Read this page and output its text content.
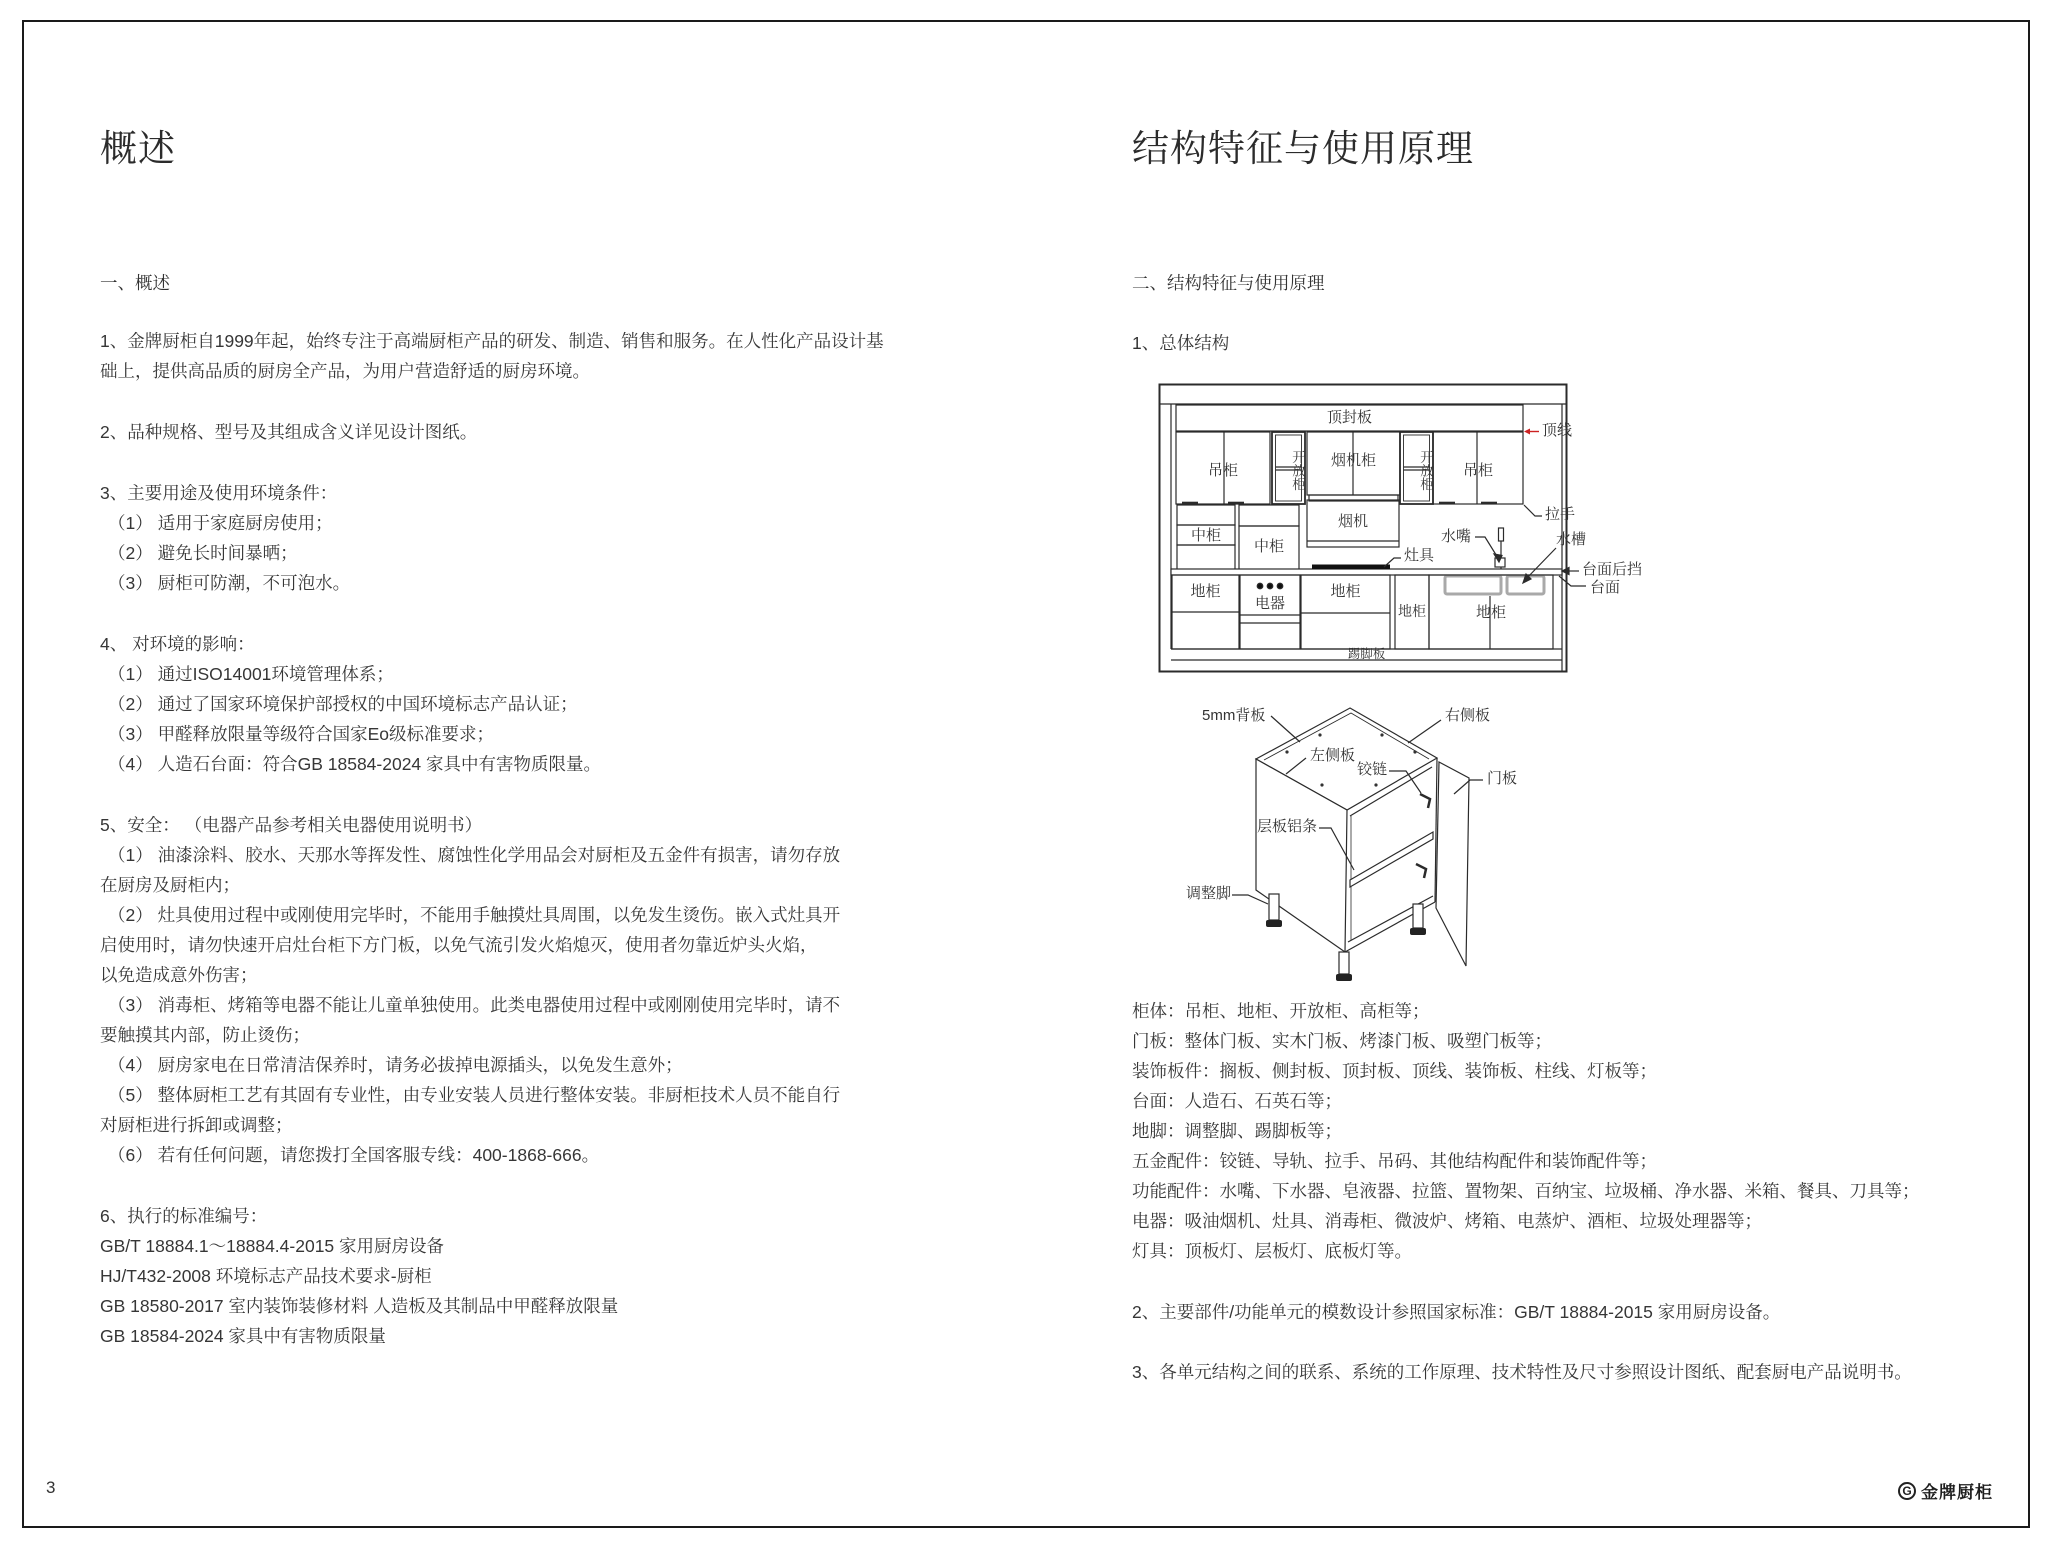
概述
一、概述
1、金牌厨柜自1999年起，始终专注于高端厨柜产品的研发、制造、销售和服务。在人性化产品设计基
础上，提供高品质的厨房全产品，为用户营造舒适的厨房环境。
2、品种规格、型号及其组成含义详见设计图纸。
3、主要用途及使用环境条件：
（1） 适用于家庭厨房使用；
（2） 避免长时间暴晒；
（3） 厨柜可防潮，不可泡水。
4、 对环境的影响：
（1） 通过ISO14001环境管理体系；
（2） 通过了国家环境保护部授权的中国环境标志产品认证；
（3） 甲醛释放限量等级符合国家Eo级标准要求；
（4） 人造石台面：符合GB 18584-2024 家具中有害物质限量。
5、安全： （电器产品参考相关电器使用说明书）
（1） 油漆涂料、胶水、天那水等挥发性、腐蚀性化学用品会对厨柜及五金件有损害，请勿存放
在厨房及厨柜内；
（2） 灶具使用过程中或刚使用完毕时，不能用手触摸灶具周围，以免发生烫伤。嵌入式灶具开
启使用时，请勿快速开启灶台柜下方门板，以免气流引发火焰熄灭，使用者勿靠近炉头火焰，
以免造成意外伤害；
（3） 消毒柜、烤箱等电器不能让儿童单独使用。此类电器使用过程中或刚刚使用完毕时，请不
要触摸其内部，防止烫伤；
（4） 厨房家电在日常清洁保养时，请务必拔掉电源插头，以免发生意外；
（5） 整体厨柜工艺有其固有专业性，由专业安装人员进行整体安装。非厨柜技术人员不能自行
对厨柜进行拆卸或调整；
（6） 若有任何问题，请您拨打全国客服专线：400-1868-666。
6、执行的标准编号：
GB/T 18884.1～18884.4-2015 家用厨房设备
HJ/T432-2008 环境标志产品技术要求-厨柜
GB 18580-2017 室内装饰装修材料 人造板及其制品中甲醛释放限量
GB 18584-2024 家具中有害物质限量
结构特征与使用原理
二、结构特征与使用原理
1、总体结构
顶封板
吊柜	开放柜	烟机柜	开放柜	吊柜
顶线
拉手
中柜
中柜
烟机
灶具
水嘴	水槽
台面后挡
台面
地柜
电器
地柜
地柜	地柜
踢脚板
5mm背板	右侧板
左侧板
铰链
门板
层板铝条
调整脚
柜体：吊柜、地柜、开放柜、高柜等；
门板：整体门板、实木门板、烤漆门板、吸塑门板等；
装饰板件：搁板、侧封板、顶封板、顶线、装饰板、柱线、灯板等；
台面：人造石、石英石等；
地脚：调整脚、踢脚板等；
五金配件：铰链、导轨、拉手、吊码、其他结构配件和装饰配件等；
功能配件：水嘴、下水器、皂液器、拉篮、置物架、百纳宝、垃圾桶、净水器、米箱、餐具、刀具等；
电器：吸油烟机、灶具、消毒柜、微波炉、烤箱、电蒸炉、酒柜、垃圾处理器等；
灯具：顶板灯、层板灯、底板灯等。
2、主要部件/功能单元的模数设计参照国家标准：GB/T 18884-2015 家用厨房设备。
3、各单元结构之间的联系、系统的工作原理、技术特性及尺寸参照设计图纸、配套厨电产品说明书。
3	G 金牌厨柜
